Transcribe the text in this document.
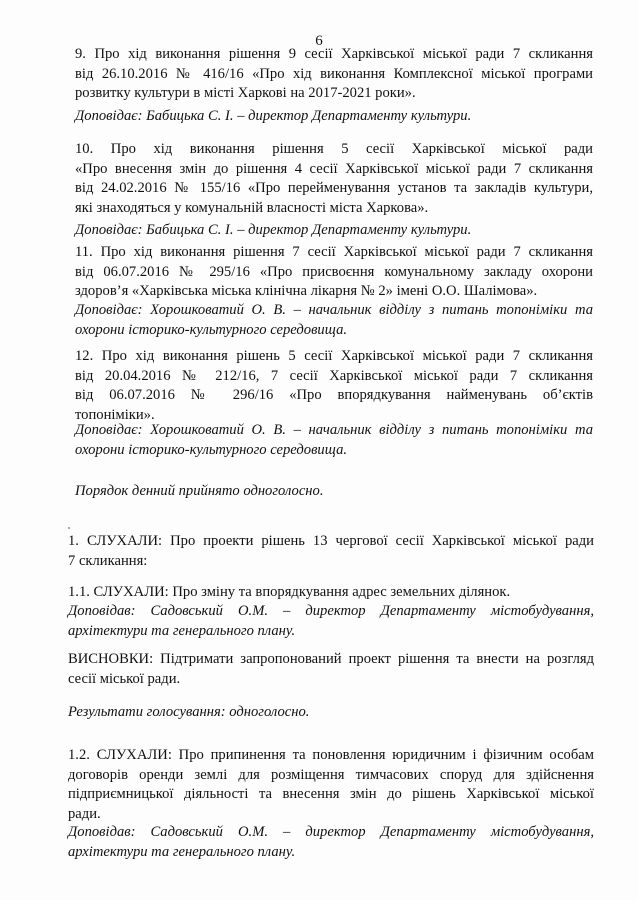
6
9. Про хід виконання рішення 9 сесії Харківської міської ради 7 скликання
від 26.10.2016 № 416/16 «Про хід виконання Комплексної міської програми
розвитку культури в місті Харкові на 2017-2021 роки».
Доповідає: Бабицька С. І. – директор Департаменту культури.
10. Про хід виконання рішення 5 сесії Харківської міської ради
«Про внесення змін до рішення 4 сесії Харківської міської ради 7 скликання
від 24.02.2016 № 155/16 «Про перейменування установ та закладів культури,
які знаходяться у комунальній власності міста Харкова».
Доповідає: Бабицька С. І. – директор Департаменту культури.
11. Про хід виконання рішення 7 сесії Харківської міської ради 7 скликання
від 06.07.2016 № 295/16 «Про присвоєння комунальному закладу охорони
здоров’я «Харківська міська клінічна лікарня № 2» імені О.О. Шалімова».
Доповідає: Хорошковатий О. В. – начальник відділу з питань топоніміки та
охорони історико-культурного середовища.
12. Про хід виконання рішень 5 сесії Харківської міської ради 7 скликання
від 20.04.2016 № 212/16, 7 сесії Харківської міської ради 7 скликання
від 06.07.2016 № 296/16 «Про впорядкування найменувань об’єктів
топоніміки».
Доповідає: Хорошковатий О. В. – начальник відділу з питань топоніміки та
охорони історико-культурного середовища.
Порядок денний прийнято одноголосно.
1. СЛУХАЛИ: Про проекти рішень 13 чергової сесії Харківської міської ради
7 скликання:
1.1. СЛУХАЛИ: Про зміну та впорядкування адрес земельних ділянок.
Доповідав: Садовський О.М. – директор Департаменту містобудування,
архітектури та генерального плану.
ВИСНОВКИ: Підтримати запропонований проект рішення та внести на розгляд
сесії міської ради.
Результати голосування: одноголосно.
1.2. СЛУХАЛИ: Про припинення та поновлення юридичним і фізичним особам
договорів оренди землі для розміщення тимчасових споруд для здійснення
підприємницької діяльності та внесення змін до рішень Харківської міської
ради.
Доповідав: Садовський О.М. – директор Департаменту містобудування,
архітектури та генерального плану.
